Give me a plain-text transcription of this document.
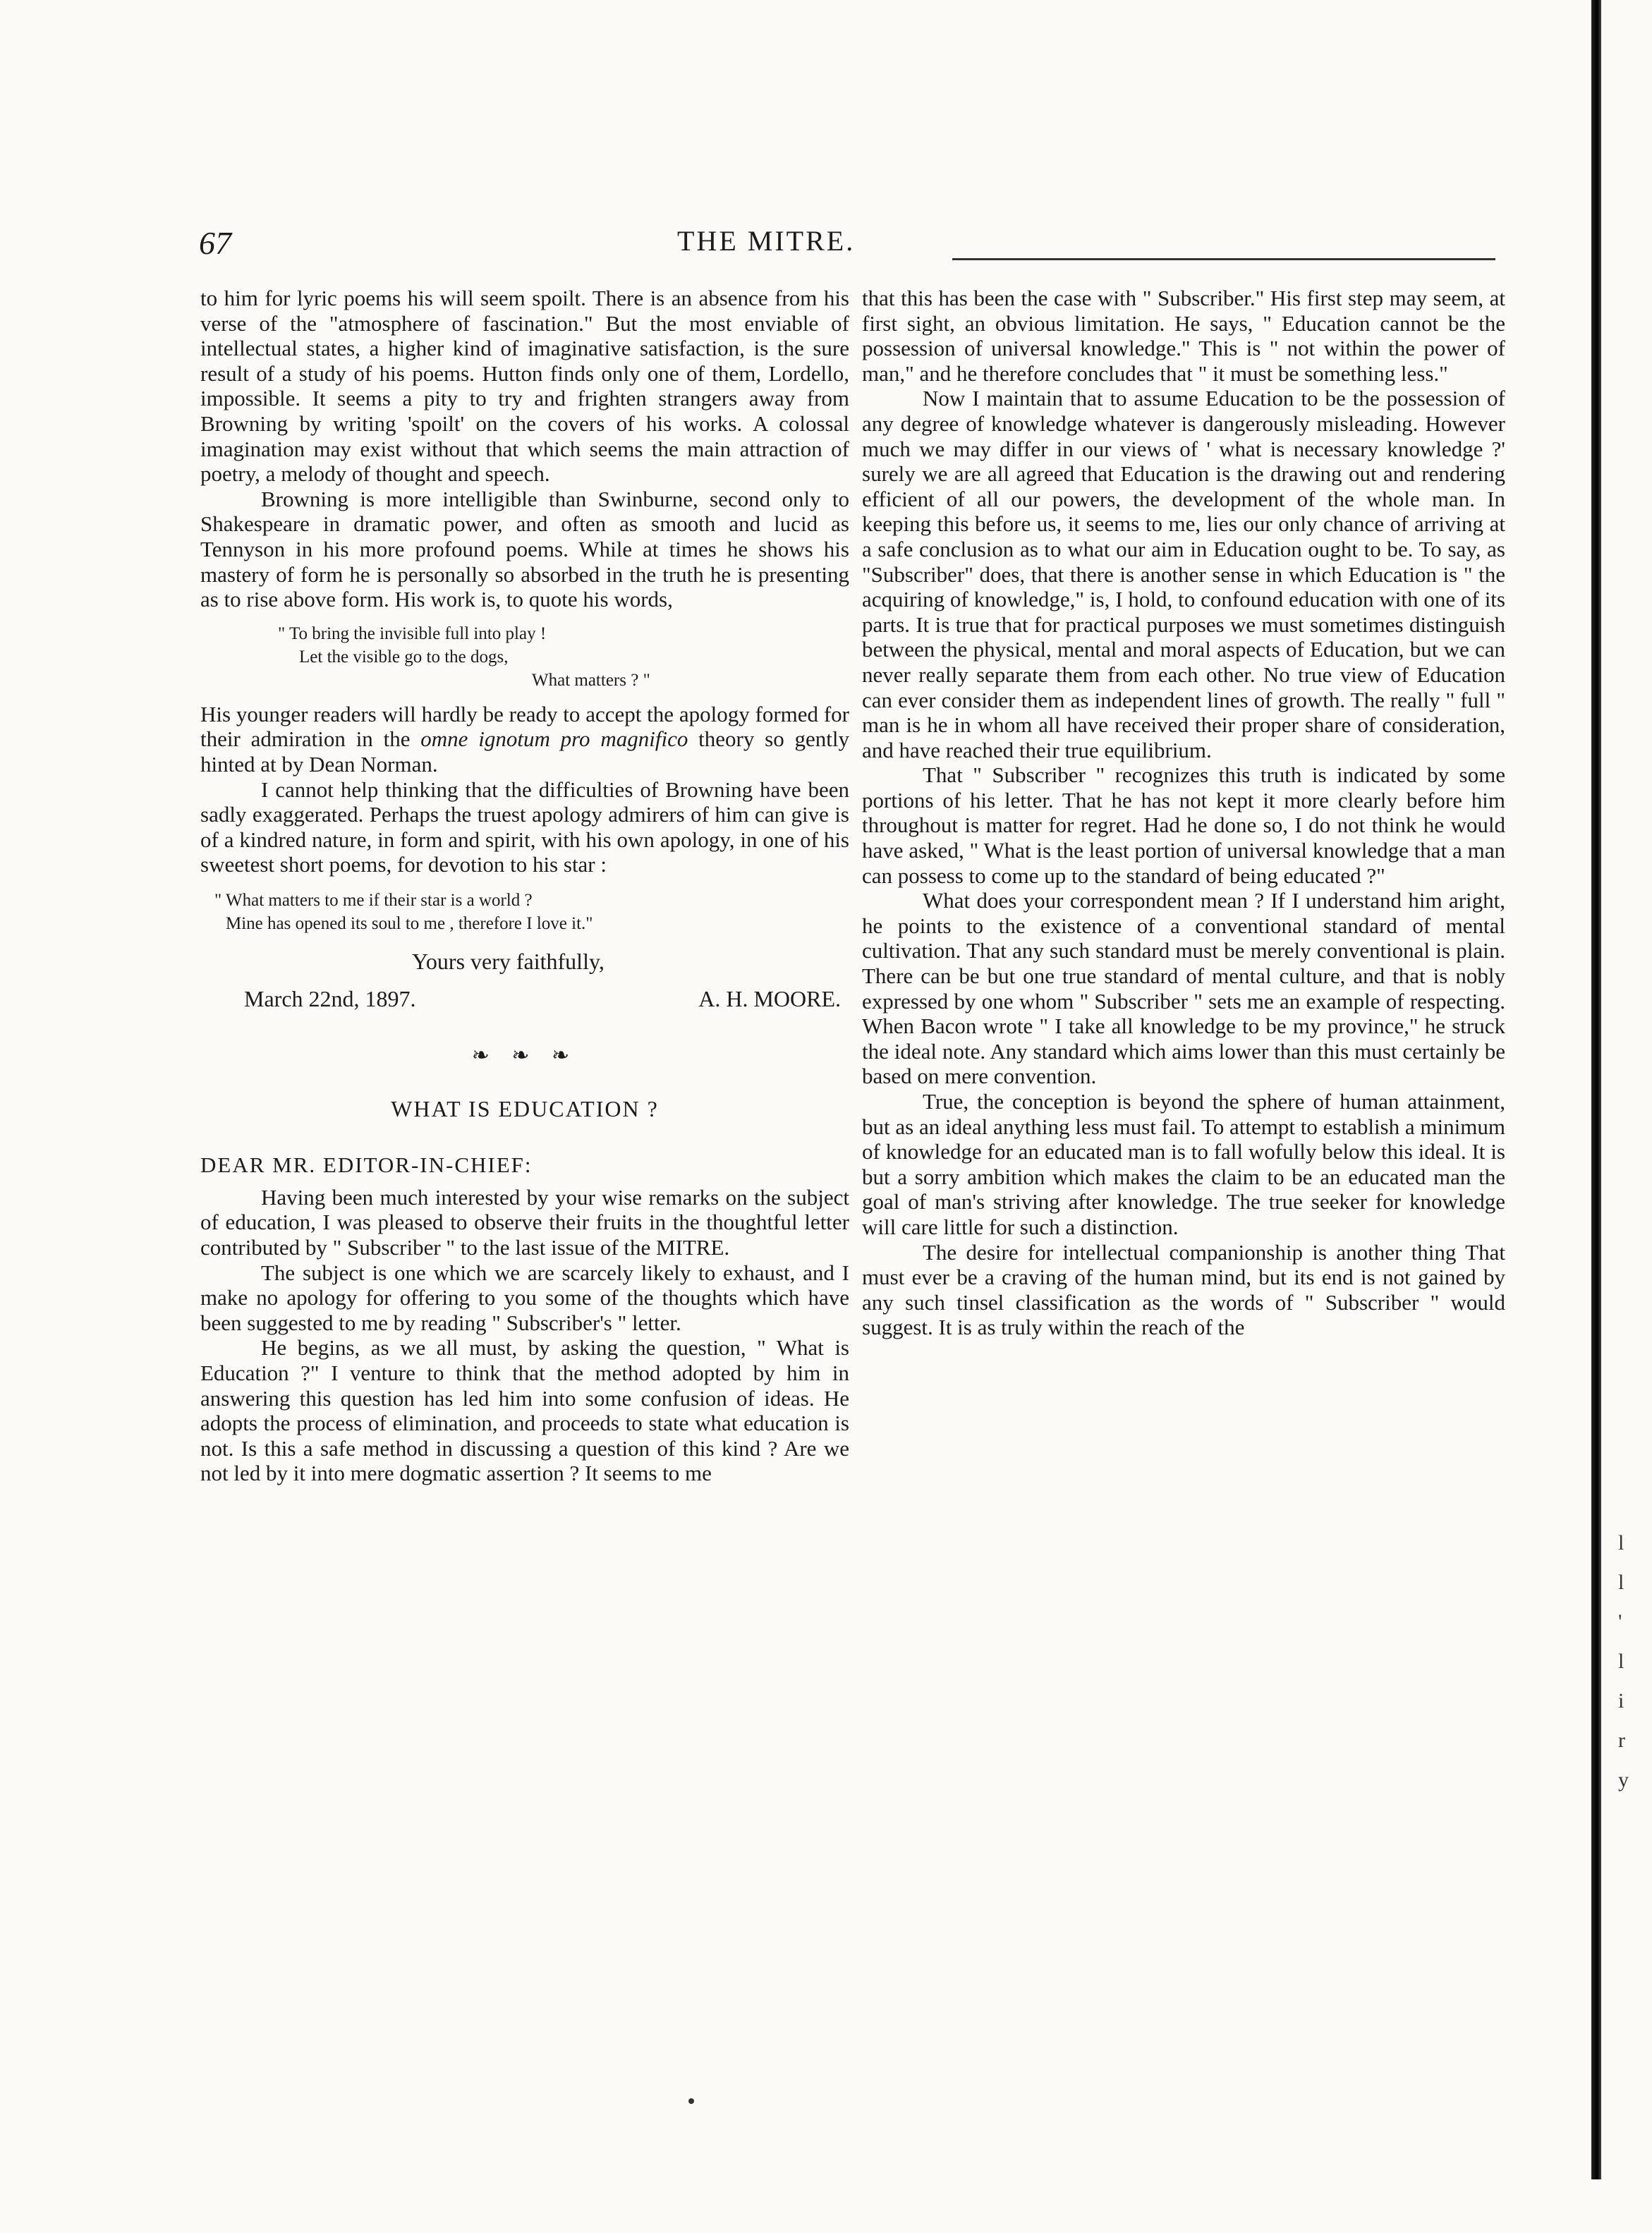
67	THE MITRE.

to him for lyric poems his will seem spoilt. There is an absence from his verse of the "atmosphere of fascination." But the most enviable of intellectual states, a higher kind of imaginative satisfaction, is the sure result of a study of his poems. Hutton finds only one of them, Lordello, impossible. It seems a pity to try and frighten strangers away from Browning by writing 'spoilt' on the covers of his works. A colossal imagination may exist without that which seems the main attraction of poetry, a melody of thought and speech.

Browning is more intelligible than Swinburne, second only to Shakespeare in dramatic power, and often as smooth and lucid as Tennyson in his more profound poems. While at times he shows his mastery of form he is personally so absorbed in the truth he is presenting as to rise above form. His work is, to quote his words,

" To bring the invisible full into play !
Let the visible go to the dogs,
What matters ? "

His younger readers will hardly be ready to accept the apology formed for their admiration in the omne ignotum pro magnifico theory so gently hinted at by Dean Norman.

I cannot help thinking that the difficulties of Browning have been sadly exaggerated. Perhaps the truest apology admirers of him can give is of a kindred nature, in form and spirit, with his own apology, in one of his sweetest short poems, for devotion to his star :

" What matters to me if their star is a world ?
Mine has opened its soul to me , therefore I love it."
Yours very faithfully,
March 22nd, 1897.	A. H. MOORE.
❧ ❧ ❧
WHAT IS EDUCATION ?
DEAR MR. EDITOR-IN-CHIEF:

Having been much interested by your wise remarks on the subject of education, I was pleased to observe their fruits in the thoughtful letter contributed by " Subscriber " to the last issue of the MITRE.

The subject is one which we are scarcely likely to exhaust, and I make no apology for offering to you some of the thoughts which have been suggested to me by reading " Subscriber's " letter.

He begins, as we all must, by asking the question, " What is Education ?" I venture to think that the method adopted by him in answering this question has led him into some confusion of ideas. He adopts the process of elimination, and proceeds to state what education is not. Is this a safe method in discussing a question of this kind ? Are we not led by it into mere dogmatic assertion ? It seems to me

that this has been the case with " Subscriber." His first step may seem, at first sight, an obvious limitation. He says, " Education cannot be the possession of universal knowledge." This is " not within the power of man," and he therefore concludes that " it must be something less."

Now I maintain that to assume Education to be the possession of any degree of knowledge whatever is dangerously misleading. However much we may differ in our views of ' what is necessary knowledge ?' surely we are all agreed that Education is the drawing out and rendering efficient of all our powers, the development of the whole man. In keeping this before us, it seems to me, lies our only chance of arriving at a safe conclusion as to what our aim in Education ought to be. To say, as "Subscriber" does, that there is another sense in which Education is " the acquiring of knowledge," is, I hold, to confound education with one of its parts. It is true that for practical purposes we must sometimes distinguish between the physical, mental and moral aspects of Education, but we can never really separate them from each other. No true view of Education can ever consider them as independent lines of growth. The really " full " man is he in whom all have received their proper share of consideration, and have reached their true equilibrium.

That " Subscriber " recognizes this truth is indicated by some portions of his letter. That he has not kept it more clearly before him throughout is matter for regret. Had he done so, I do not think he would have asked, " What is the least portion of universal knowledge that a man can possess to come up to the standard of being educated ?"

What does your correspondent mean ? If I understand him aright, he points to the existence of a conventional standard of mental cultivation. That any such standard must be merely conventional is plain. There can be but one true standard of mental culture, and that is nobly expressed by one whom " Subscriber " sets me an example of respecting. When Bacon wrote " I take all knowledge to be my province," he struck the ideal note. Any standard which aims lower than this must certainly be based on mere convention.

True, the conception is beyond the sphere of human attainment, but as an ideal anything less must fail. To attempt to establish a minimum of knowledge for an educated man is to fall wofully below this ideal. It is but a sorry ambition which makes the claim to be an educated man the goal of man's striving after knowledge. The true seeker for knowledge will care little for such a distinction.

The desire for intellectual companionship is another thing That must ever be a craving of the human mind, but its end is not gained by any such tinsel classification as the words of " Subscriber " would suggest. It is as truly within the reach of the

l
l
'
l
i
r
y
